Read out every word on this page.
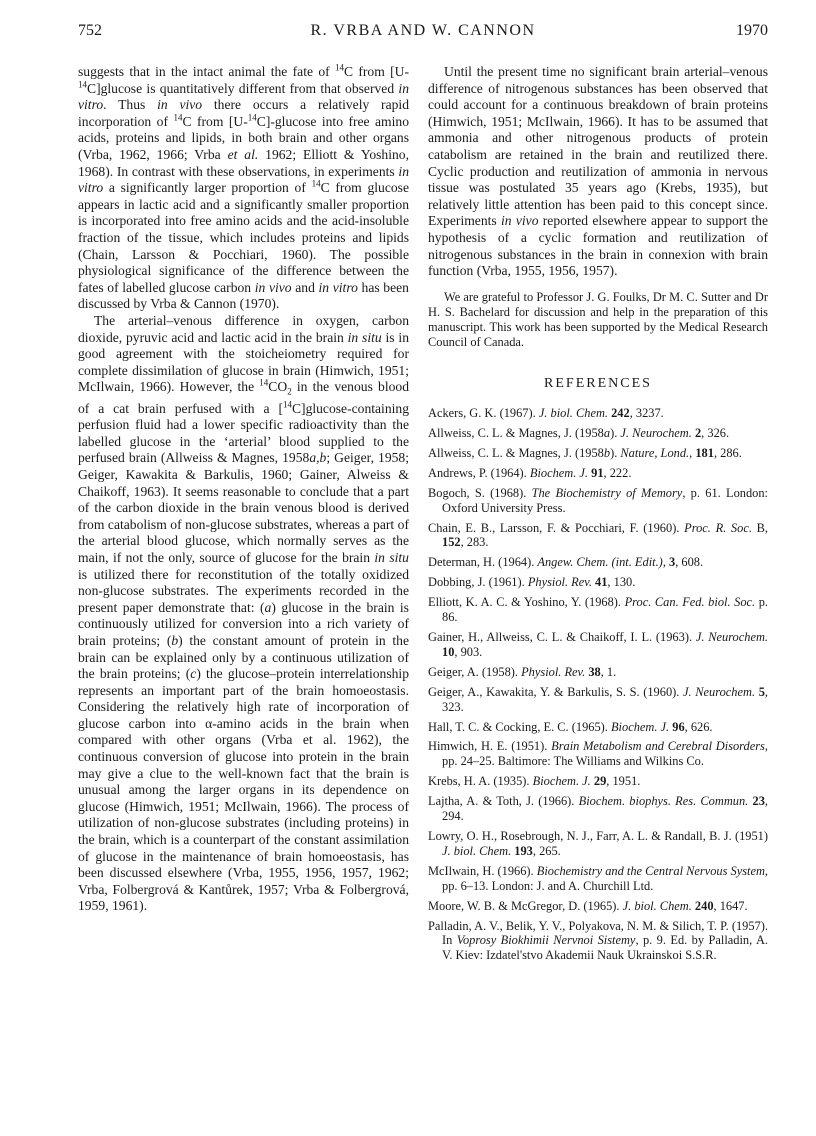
752	R. VRBA AND W. CANNON	1970

suggests that in the intact animal the fate of $^{14}$C from [U-$^{14}$C]glucose is quantitatively different from that observed in vitro. Thus in vivo there occurs a relatively rapid incorporation of $^{14}$C from [U-$^{14}$C]-glucose into free amino acids, proteins and lipids, in both brain and other organs (Vrba, 1962, 1966; Vrba et al. 1962; Elliott & Yoshino, 1968). In contrast with these observations, in experiments in vitro a significantly larger proportion of $^{14}$C from glucose appears in lactic acid and a significantly smaller proportion is incorporated into free amino acids and the acid-insoluble fraction of the tissue, which includes proteins and lipids (Chain, Larsson & Pocchiari, 1960). The possible physiological significance of the difference between the fates of labelled glucose carbon in vivo and in vitro has been discussed by Vrba & Cannon (1970).

The arterial–venous difference in oxygen, carbon dioxide, pyruvic acid and lactic acid in the brain in situ is in good agreement with the stoicheiometry required for complete dissimilation of glucose in brain (Himwich, 1951; McIlwain, 1966). However, the $^{14}CO_2$ in the venous blood of a cat brain perfused with a [$^{14}$C]glucose-containing perfusion fluid had a lower specific radioactivity than the labelled glucose in the ‘arterial’ blood supplied to the perfused brain (Allweiss & Magnes, 1958a,b; Geiger, 1958; Geiger, Kawakita & Barkulis, 1960; Gainer, Alweiss & Chaikoff, 1963). It seems reasonable to conclude that a part of the carbon dioxide in the brain venous blood is derived from catabolism of non-glucose substrates, whereas a part of the arterial blood glucose, which normally serves as the main, if not the only, source of glucose for the brain in situ is utilized there for reconstitution of the totally oxidized non-glucose substrates. The experiments recorded in the present paper demonstrate that: (a) glucose in the brain is continuously utilized for conversion into a rich variety of brain proteins; (b) the constant amount of protein in the brain can be explained only by a continuous utilization of the brain proteins; (c) the glucose–protein interrelationship represents an important part of the brain homoeostasis. Considering the relatively high rate of incorporation of glucose carbon into α-amino acids in the brain when compared with other organs (Vrba et al. 1962), the continuous conversion of glucose into protein in the brain may give a clue to the well-known fact that the brain is unusual among the larger organs in its dependence on glucose (Himwich, 1951; McIlwain, 1966). The process of utilization of non-glucose substrates (including proteins) in the brain, which is a counterpart of the constant assimilation of glucose in the maintenance of brain homoeostasis, has been discussed elsewhere (Vrba, 1955, 1956, 1957, 1962; Vrba, Folbergrová & Kantůrek, 1957; Vrba & Folbergrová, 1959, 1961).

Until the present time no significant brain arterial–venous difference of nitrogenous substances has been observed that could account for a continuous breakdown of brain proteins (Himwich, 1951; McIlwain, 1966). It has to be assumed that ammonia and other nitrogenous products of protein catabolism are retained in the brain and reutilized there. Cyclic production and reutilization of ammonia in nervous tissue was postulated 35 years ago (Krebs, 1935), but relatively little attention has been paid to this concept since. Experiments in vivo reported elsewhere appear to support the hypothesis of a cyclic formation and reutilization of nitrogenous substances in the brain in connexion with brain function (Vrba, 1955, 1956, 1957).

We are grateful to Professor J. G. Foulks, Dr M. C. Sutter and Dr H. S. Bachelard for discussion and help in the preparation of this manuscript. This work has been supported by the Medical Research Council of Canada.

REFERENCES
Ackers, G. K. (1967). J. biol. Chem. 242, 3237.
Allweiss, C. L. & Magnes, J. (1958a). J. Neurochem. 2, 326.
Allweiss, C. L. & Magnes, J. (1958b). Nature, Lond., 181, 286.
Andrews, P. (1964). Biochem. J. 91, 222.
Bogoch, S. (1968). The Biochemistry of Memory, p. 61. London: Oxford University Press.
Chain, E. B., Larsson, F. & Pocchiari, F. (1960). Proc. R. Soc. B, 152, 283.
Determan, H. (1964). Angew. Chem. (int. Edit.), 3, 608.
Dobbing, J. (1961). Physiol. Rev. 41, 130.
Elliott, K. A. C. & Yoshino, Y. (1968). Proc. Can. Fed. biol. Soc. p. 86.
Gainer, H., Allweiss, C. L. & Chaikoff, I. L. (1963). J. Neurochem. 10, 903.
Geiger, A. (1958). Physiol. Rev. 38, 1.
Geiger, A., Kawakita, Y. & Barkulis, S. S. (1960). J. Neurochem. 5, 323.
Hall, T. C. & Cocking, E. C. (1965). Biochem. J. 96, 626.
Himwich, H. E. (1951). Brain Metabolism and Cerebral Disorders, pp. 24–25. Baltimore: The Williams and Wilkins Co.
Krebs, H. A. (1935). Biochem. J. 29, 1951.
Lajtha, A. & Toth, J. (1966). Biochem. biophys. Res. Commun. 23, 294.
Lowry, O. H., Rosebrough, N. J., Farr, A. L. & Randall, B. J. (1951) J. biol. Chem. 193, 265.
McIlwain, H. (1966). Biochemistry and the Central Nervous System, pp. 6–13. London: J. and A. Churchill Ltd.
Moore, W. B. & McGregor, D. (1965). J. biol. Chem. 240, 1647.
Palladin, A. V., Belik, Y. V., Polyakova, N. M. & Silich, T. P. (1957). In Voprosy Biokhimii Nervnoi Sistemy, p. 9. Ed. by Palladin, A. V. Kiev: Izdatel'stvo Akademii Nauk Ukrainskoi S.S.R.
